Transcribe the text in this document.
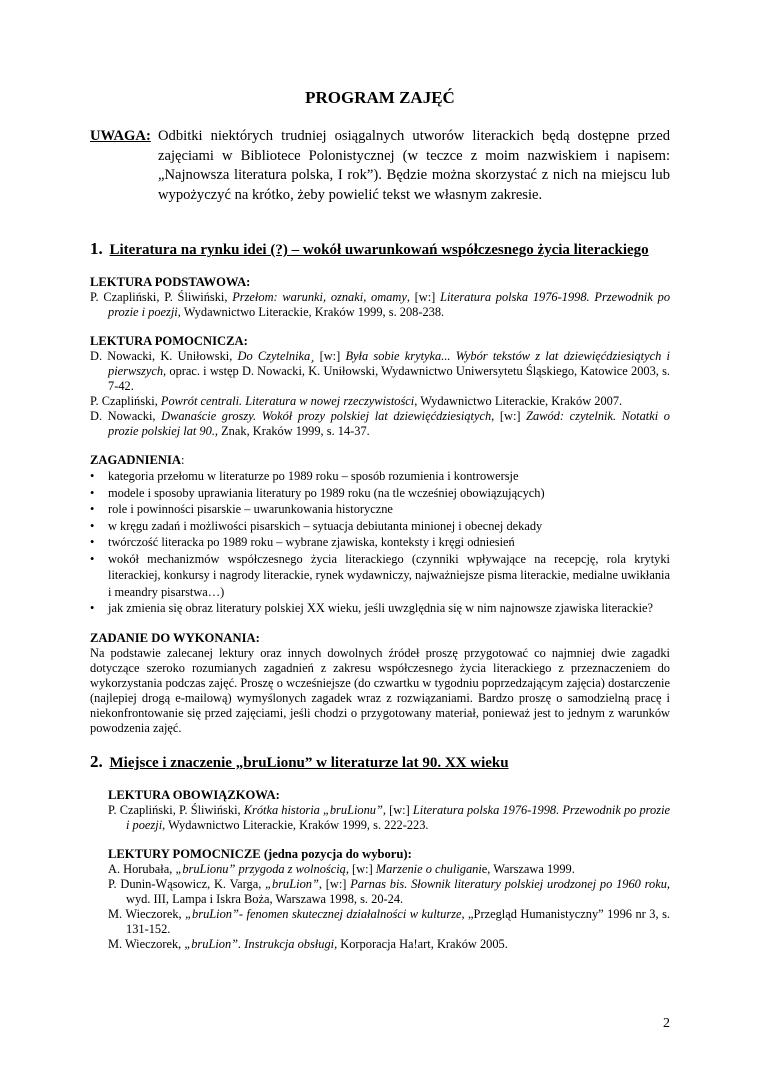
PROGRAM ZAJĘĆ
UWAGA: Odbitki niektórych trudniej osiągalnych utworów literackich będą dostępne przed zajęciami w Bibliotece Polonistycznej (w teczce z moim nazwiskiem i napisem: „Najnowsza literatura polska, I rok”). Będzie można skorzystać z nich na miejscu lub wypożyczyć na krótko, żeby powielić tekst we własnym zakresie.
1. Literatura na rynku idei (?) – wokół uwarunkowań współczesnego życia literackiego
LEKTURA PODSTAWOWA:
P. Czapliński, P. Śliwiński, Przełom: warunki, oznaki, omamy, [w:] Literatura polska 1976-1998. Przewodnik po prozie i poezji, Wydawnictwo Literackie, Kraków 1999, s. 208-238.
LEKTURA POMOCNICZA:
D. Nowacki, K. Uniłowski, Do Czytelnika¸ [w:] Była sobie krytyka... Wybór tekstów z lat dziewięćdziesiątych i pierwszych, oprac. i wstęp D. Nowacki, K. Uniłowski, Wydawnictwo Uniwersytetu Śląskiego, Katowice 2003, s. 7-42.
P. Czapliński, Powrót centrali. Literatura w nowej rzeczywistości, Wydawnictwo Literackie, Kraków 2007.
D. Nowacki, Dwanaście groszy. Wokół prozy polskiej lat dziewięćdziesiątych, [w:] Zawód: czytelnik. Notatki o prozie polskiej lat 90., Znak, Kraków 1999, s. 14-37.
ZAGADNIENIA:
• kategoria przełomu w literaturze po 1989 roku – sposób rozumienia i kontrowersje
• modele i sposoby uprawiania literatury po 1989 roku (na tle wcześniej obowiązujących)
• role i powinności pisarskie – uwarunkowania historyczne
• w kręgu zadań i możliwości pisarskich – sytuacja debiutanta minionej i obecnej dekady
• twórczość literacka po 1989 roku – wybrane zjawiska, konteksty i kręgi odniesień
• wokół mechanizmów współczesnego życia literackiego (czynniki wpływające na recepcję, rola krytyki literackiej, konkursy i nagrody literackie, rynek wydawniczy, najważniejsze pisma literackie, medialne uwikłania i meandry pisarstwa…)
• jak zmienia się obraz literatury polskiej XX wieku, jeśli uwzględnia się w nim najnowsze zjawiska literackie?
ZADANIE DO WYKONANIA:
Na podstawie zalecanej lektury oraz innych dowolnych źródeł proszę przygotować co najmniej dwie zagadki dotyczące szeroko rozumianych zagadnień z zakresu współczesnego życia literackiego z przeznaczeniem do wykorzystania podczas zajęć. Proszę o wcześniejsze (do czwartku w tygodniu poprzedzającym zajęcia) dostarczenie (najlepiej drogą e-mailową) wymyślonych zagadek wraz z rozwiązaniami. Bardzo proszę o samodzielną pracę i niekonfrontowanie się przed zajęciami, jeśli chodzi o przygotowany materiał, ponieważ jest to jednym z warunków powodzenia zajęć.
2. Miejsce i znaczenie „bruLionu” w literaturze lat 90. XX wieku
LEKTURA OBOWIĄZKOWA:
P. Czapliński, P. Śliwiński, Krótka historia „bruLionu”, [w:] Literatura polska 1976-1998. Przewodnik po prozie i poezji, Wydawnictwo Literackie, Kraków 1999, s. 222-223.
LEKTURY POMOCNICZE (jedna pozycja do wyboru):
A. Horubała, „bruLionu” przygoda z wolnością, [w:] Marzenie o chuliganie, Warszawa 1999.
P. Dunin-Wąsowicz, K. Varga, „bruLion”, [w:] Parnas bis. Słownik literatury polskiej urodzonej po 1960 roku, wyd. III, Lampa i Iskra Boża, Warszawa 1998, s. 20-24.
M. Wieczorek, „bruLion”- fenomen skutecznej działalności w kulturze, „Przegląd Humanistyczny” 1996 nr 3, s. 131-152.
M. Wieczorek, „bruLion”. Instrukcja obsługi, Korporacja Ha!art, Kraków 2005.
2
